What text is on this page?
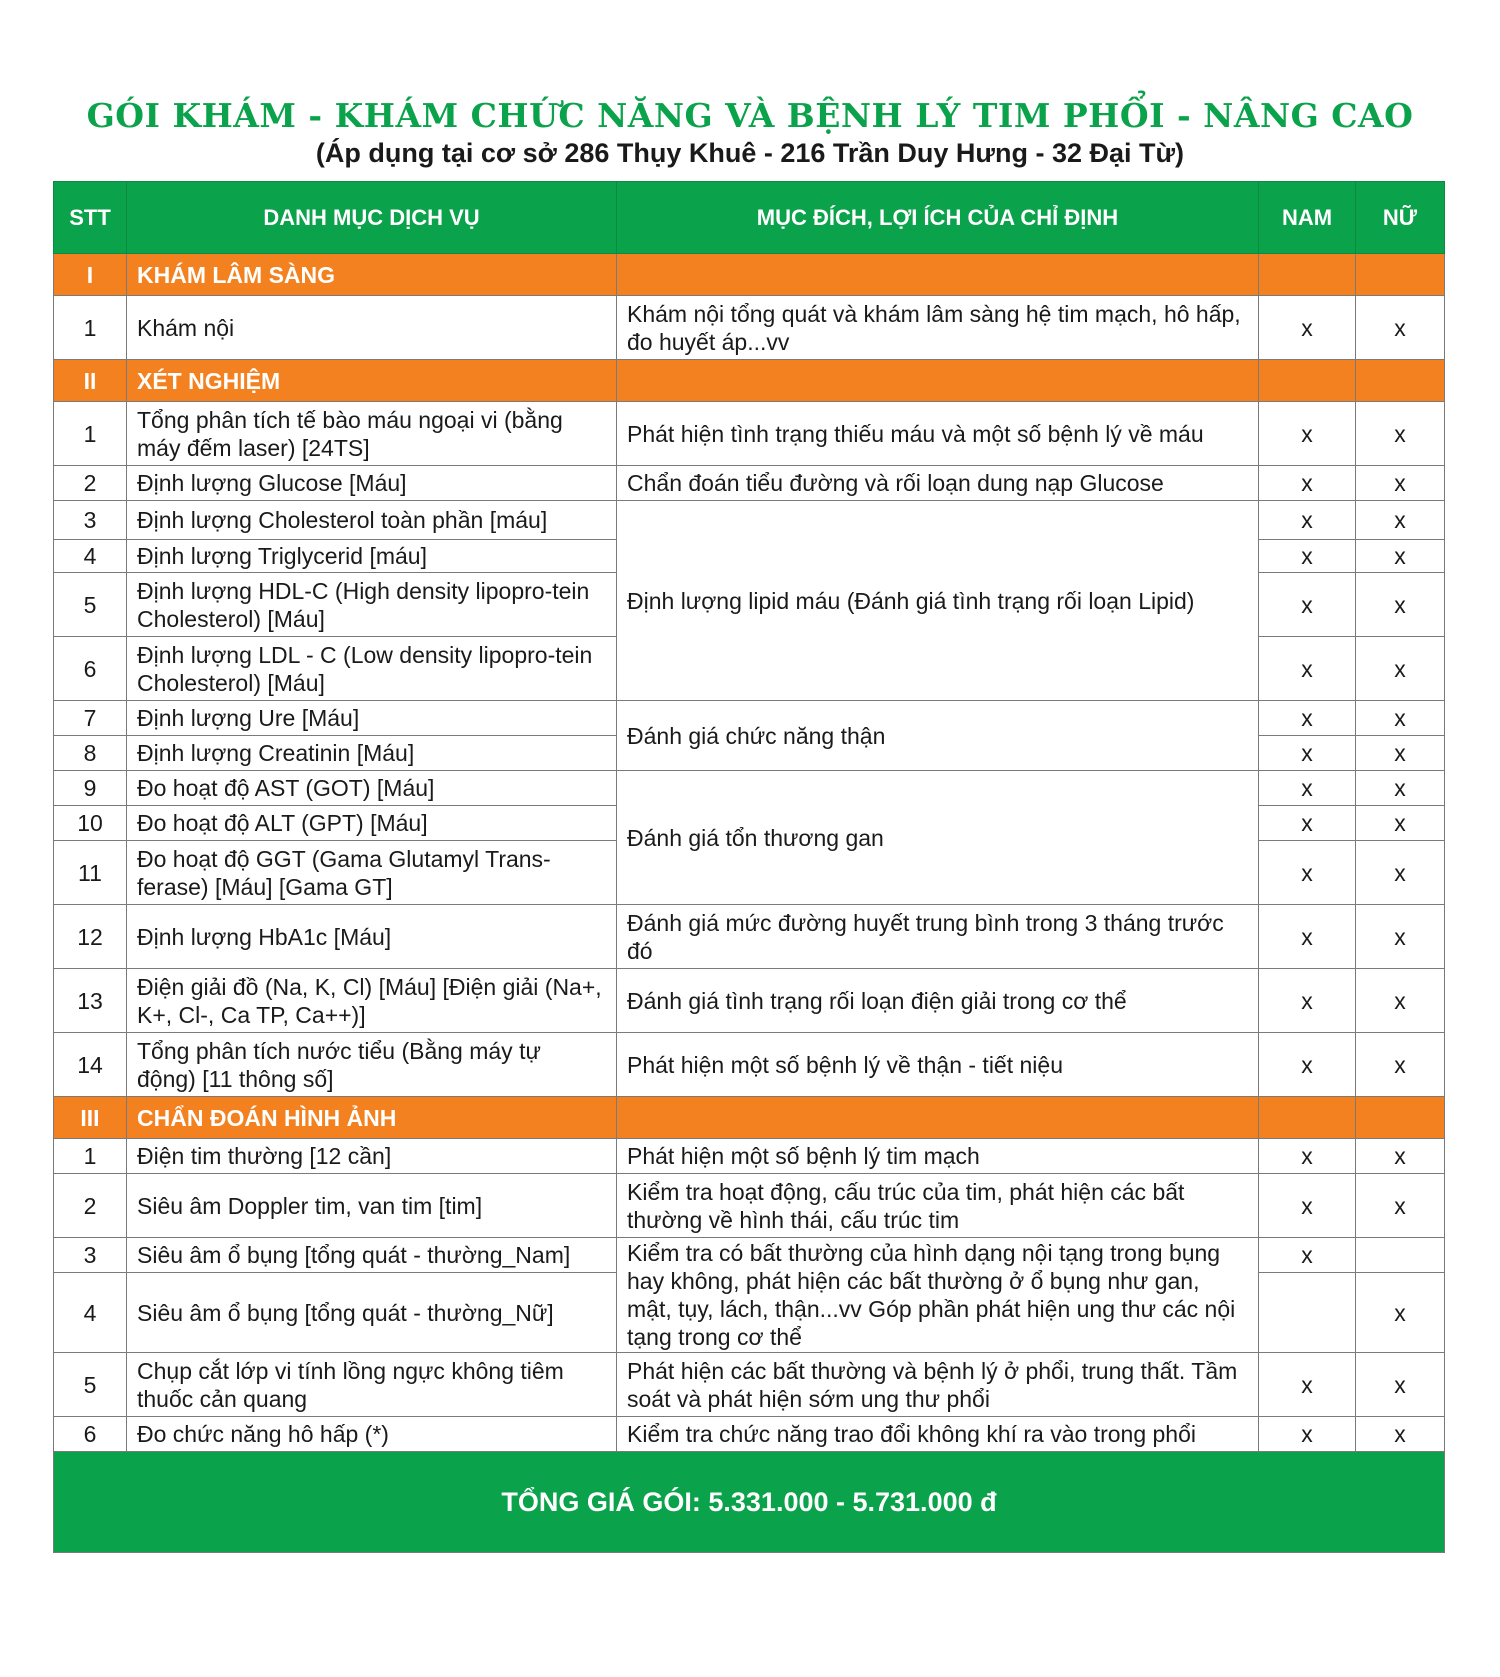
GÓI KHÁM - KHÁM CHỨC NĂNG VÀ BỆNH LÝ TIM PHỔI - NÂNG CAO
(Áp dụng tại cơ sở 286 Thụy Khuê - 216 Trần Duy Hưng - 32 Đại Từ)
STT	DANH MỤC DỊCH VỤ	MỤC ĐÍCH, LỢI ÍCH CỦA CHỈ ĐỊNH	NAM	NỮ
I	KHÁM LÂM SÀNG			
1	Khám nội	Khám nội tổng quát và khám lâm sàng hệ tim mạch, hô hấp, đo huyết áp...vv	x	x
II	XÉT NGHIỆM			
1	Tổng phân tích tế bào máu ngoại vi (bằng máy đếm laser) [24TS]	Phát hiện tình trạng thiếu máu và một số bệnh lý về máu	x	x
2	Định lượng Glucose [Máu]	Chẩn đoán tiểu đường và rối loạn dung nạp Glucose	x	x
3	Định lượng Cholesterol toàn phần [máu]	Định lượng lipid máu (Đánh giá tình trạng rối loạn Lipid)	x	x
4	Định lượng Triglycerid [máu]		x	x
5	Định lượng HDL-C (High density lipopro-tein Cholesterol) [Máu]		x	x
6	Định lượng LDL - C (Low density lipopro-tein Cholesterol) [Máu]		x	x
7	Định lượng Ure [Máu]	Đánh giá chức năng thận	x	x
8	Định lượng Creatinin [Máu]		x	x
9	Đo hoạt độ AST (GOT) [Máu]	Đánh giá tổn thương gan	x	x
10	Đo hoạt độ ALT (GPT) [Máu]		x	x
11	Đo hoạt độ GGT (Gama Glutamyl Trans-ferase) [Máu] [Gama GT]		x	x
12	Định lượng HbA1c [Máu]	Đánh giá mức đường huyết trung bình trong 3 tháng trước đó	x	x
13	Điện giải đồ (Na, K, Cl) [Máu] [Điện giải (Na+, K+, Cl-, Ca TP, Ca++)]	Đánh giá tình trạng rối loạn điện giải trong cơ thể	x	x
14	Tổng phân tích nước tiểu (Bằng máy tự động) [11 thông số]	Phát hiện một số bệnh lý về thận - tiết niệu	x	x
III	CHẨN ĐOÁN HÌNH ẢNH			
1	Điện tim thường [12 cần]	Phát hiện một số bệnh lý tim mạch	x	x
2	Siêu âm Doppler tim, van tim [tim]	Kiểm tra hoạt động, cấu trúc của tim, phát hiện các bất thường về hình thái, cấu trúc tim	x	x
3	Siêu âm ổ bụng [tổng quát - thường_Nam]	Kiểm tra có bất thường của hình dạng nội tạng trong bụng hay không, phát hiện các bất thường ở ổ bụng như gan, mật, tụy, lách, thận...vv Góp phần phát hiện ung thư các nội tạng trong cơ thể	x	
4	Siêu âm ổ bụng [tổng quát - thường_Nữ]			x
5	Chụp cắt lớp vi tính lồng ngực không tiêm thuốc cản quang	Phát hiện các bất thường và bệnh lý ở phổi, trung thất. Tầm soát và phát hiện sớm ung thư phổi	x	x
6	Đo chức năng hô hấp (*)	Kiểm tra chức năng trao đổi không khí ra vào trong phổi	x	x
TỔNG GIÁ GÓI: 5.331.000 - 5.731.000 đ				
